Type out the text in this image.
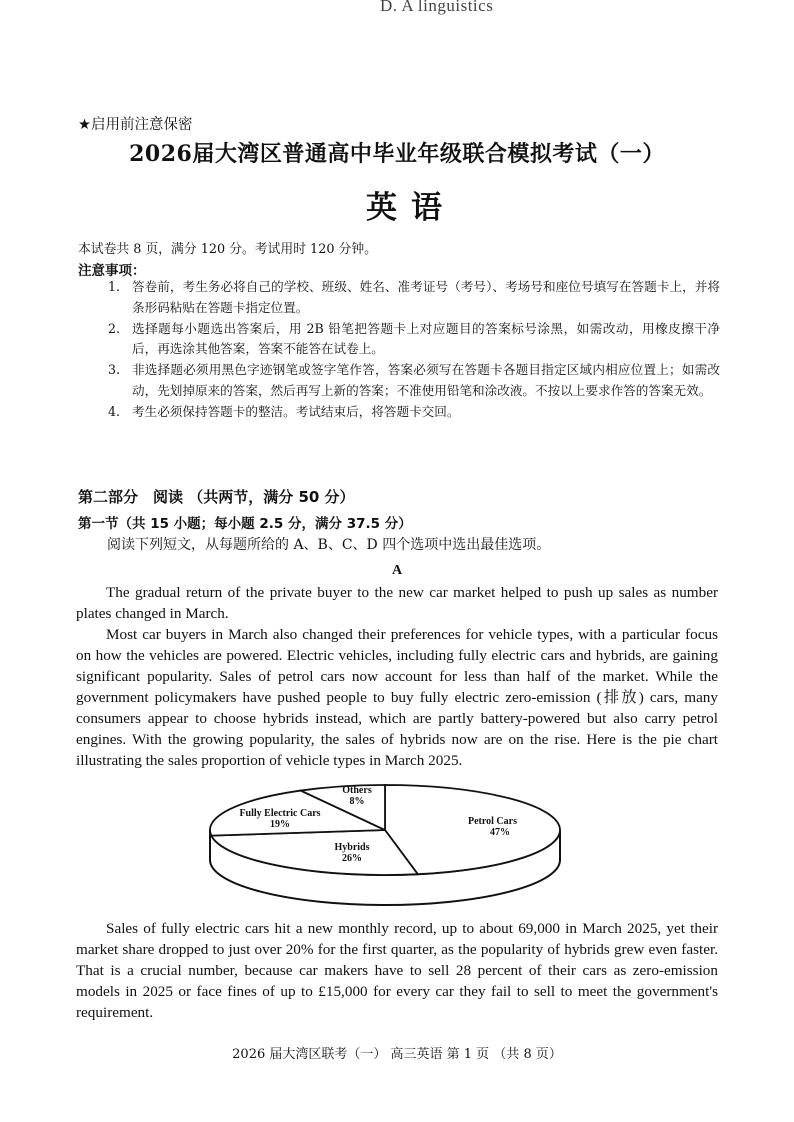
D. A linguistics
★启用前注意保密
2026届大湾区普通高中毕业年级联合模拟考试（一）
英语
本试卷共 8 页，满分 120 分。考试用时 120 分钟。
注意事项：
1. 答卷前，考生务必将自己的学校、班级、姓名、准考证号（考号）、考场号和座位号填写在答题卡上，并将条形码粘贴在答题卡指定位置。
2. 选择题每小题选出答案后，用 2B 铅笔把答题卡上对应题目的答案标号涂黑，如需改动，用橡皮擦干净后，再选涂其他答案，答案不能答在试卷上。
3. 非选择题必须用黑色字迹钢笔或签字笔作答，答案必须写在答题卡各题目指定区域内相应位置上；如需改动，先划掉原来的答案，然后再写上新的答案；不准使用铅笔和涂改液。不按以上要求作答的答案无效。
4. 考生必须保持答题卡的整洁。考试结束后，将答题卡交回。
第二部分　阅读 （共两节，满分 50 分）
第一节（共 15 小题；每小题 2.5 分，满分 37.5 分）
阅读下列短文，从每题所给的 A、B、C、D 四个选项中选出最佳选项。
A

The gradual return of the private buyer to the new car market helped to push up sales as number plates changed in March.

Most car buyers in March also changed their preferences for vehicle types, with a particular focus on how the vehicles are powered. Electric vehicles, including fully electric cars and hybrids, are gaining significant popularity. Sales of petrol cars now account for less than half of the market. While the government policymakers have pushed people to buy fully electric zero-emission (排放) cars, many consumers appear to choose hybrids instead, which are partly battery-powered but also carry petrol engines. With the growing popularity, the sales of hybrids now are on the rise. Here is the pie chart illustrating the sales proportion of vehicle types in March 2025.

Petrol Cars
47%
Hybrids
26%
Fully Electric Cars
19%
Others
8%

Sales of fully electric cars hit a new monthly record, up to about 69,000 in March 2025, yet their market share dropped to just over 20% for the first quarter, as the popularity of hybrids grew even faster. That is a crucial number, because car makers have to sell 28 percent of their cars as zero-emission models in 2025 or face fines of up to £15,000 for every car they fail to sell to meet the government's requirement.

2026 届大湾区联考（一） 高三英语 第 1 页 （共 8 页）
